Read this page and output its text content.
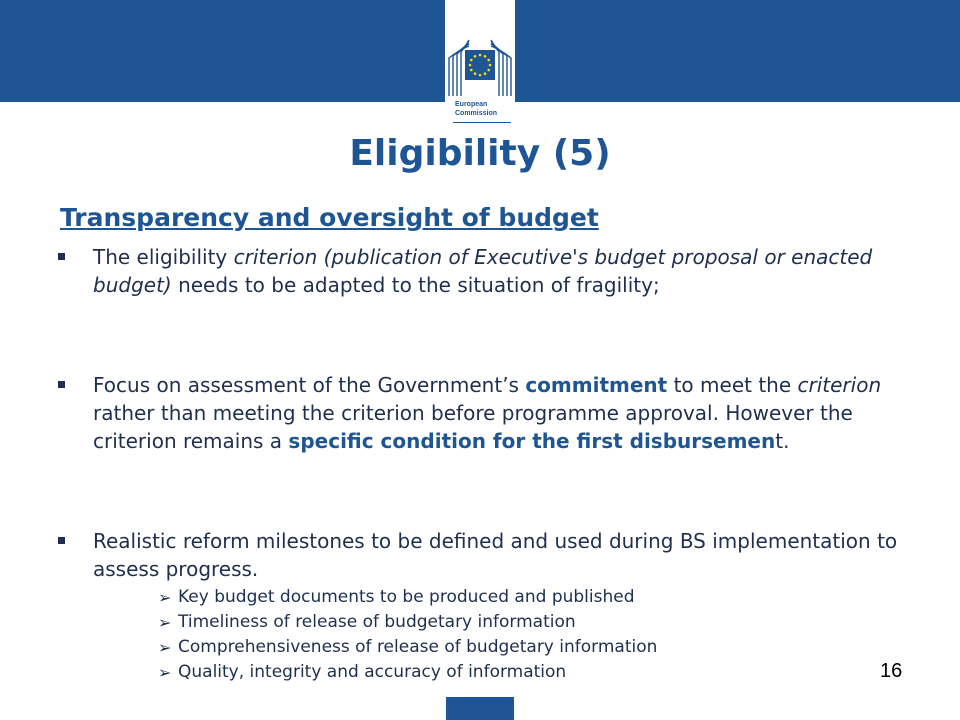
European
Commission
Eligibility (5)
Transparency and oversight of budget
The eligibility criterion (publication of Executive's budget proposal or enacted budget) needs to be adapted to the situation of fragility;
Focus on assessment of the Government’s commitment to meet the criterion rather than meeting the criterion before programme approval. However the criterion remains a specific condition for the first disbursement.
Realistic reform milestones to be defined and used during BS implementation to assess progress.
➢ Key budget documents to be produced and published
➢ Timeliness of release of budgetary information
➢ Comprehensiveness of release of budgetary information
➢ Quality, integrity and accuracy of information	16
